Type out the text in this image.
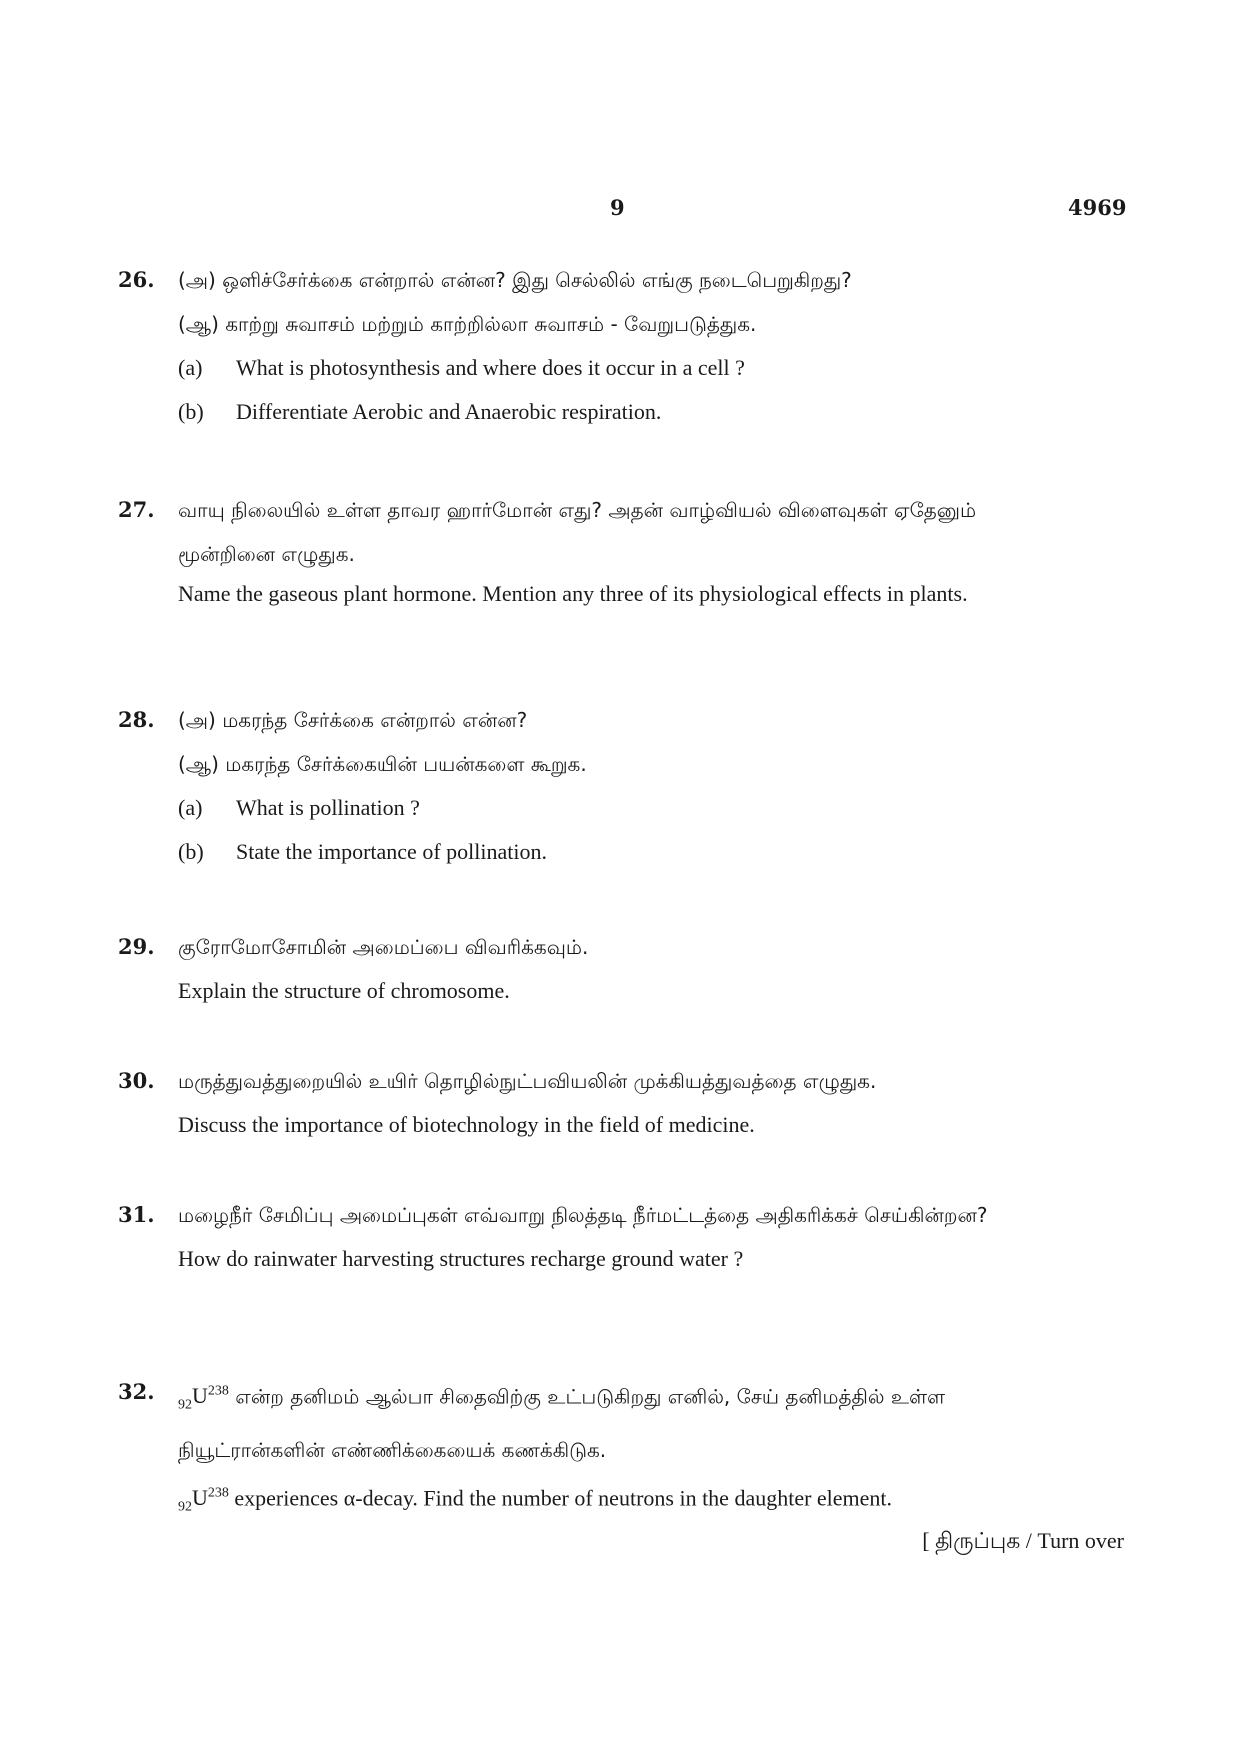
9	4969
26.	(அ) ஒளிச்சேர்க்கை என்றால் என்ன? இது செல்லில் எங்கு நடைபெறுகிறது?
(ஆ) காற்று சுவாசம் மற்றும் காற்றில்லா சுவாசம் - வேறுபடுத்துக.
(a)	What is photosynthesis and where does it occur in a cell ?
(b)	Differentiate Aerobic and Anaerobic respiration.
27.	வாயு நிலையில் உள்ள தாவர ஹார்மோன் எது? அதன் வாழ்வியல் விளைவுகள் ஏதேனும் மூன்றினை எழுதுக.
Name the gaseous plant hormone. Mention any three of its physiological effects in plants.
28.	(அ) மகரந்த சேர்க்கை என்றால் என்ன?
(ஆ) மகரந்த சேர்க்கையின் பயன்களை கூறுக.
(a)	What is pollination ?
(b)	State the importance of pollination.
29.	குரோமோசோமின் அமைப்பை விவரிக்கவும்.
Explain the structure of chromosome.
30.	மருத்துவத்துறையில் உயிர் தொழில்நுட்பவியலின் முக்கியத்துவத்தை எழுதுக.
Discuss the importance of biotechnology in the field of medicine.
31.	மழைநீர் சேமிப்பு அமைப்புகள் எவ்வாறு நிலத்தடி நீர்மட்டத்தை அதிகரிக்கச் செய்கின்றன?
How do rainwater harvesting structures recharge ground water ?
32.
$_{92}U^{238}$ என்ற தனிமம் ஆல்பா சிதைவிற்கு உட்படுகிறது எனில், சேய் தனிமத்தில் உள்ள நியூட்ரான்களின் எண்ணிக்கையைக் கணக்கிடுக.
$_{92}U^{238}$ experiences α-decay. Find the number of neutrons in the daughter element.
[ திருப்புக / Turn over
